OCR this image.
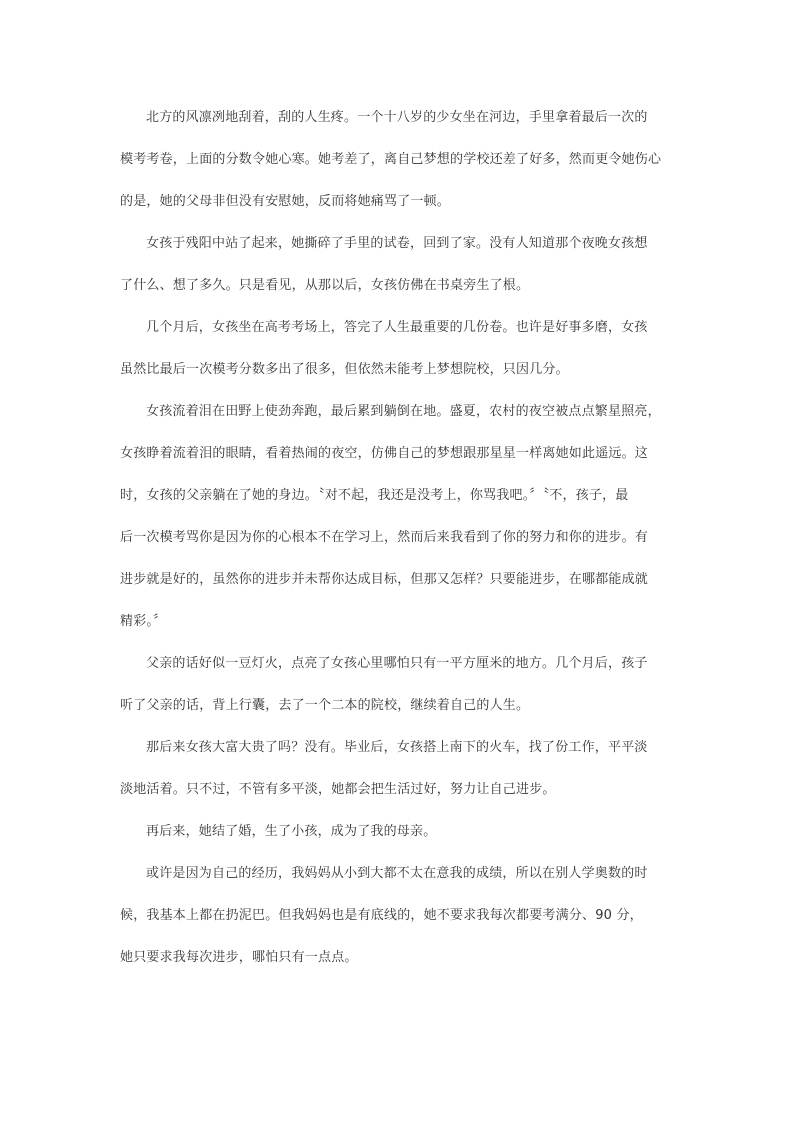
北方的风凛冽地刮着，刮的人生疼。一个十八岁的少女坐在河边，手里拿着最后一次的
模考考卷，上面的分数令她心寒。她考差了，离自己梦想的学校还差了好多，然而更令她伤心
的是，她的父母非但没有安慰她，反而将她痛骂了一顿。
女孩于残阳中站了起来，她撕碎了手里的试卷，回到了家。没有人知道那个夜晚女孩想
了什么、想了多久。只是看见，从那以后，女孩仿佛在书桌旁生了根。
几个月后，女孩坐在高考考场上，答完了人生最重要的几份卷。也许是好事多磨，女孩
虽然比最后一次模考分数多出了很多，但依然未能考上梦想院校，只因几分。
女孩流着泪在田野上使劲奔跑，最后累到躺倒在地。盛夏，农村的夜空被点点繁星照亮，
女孩睁着流着泪的眼睛，看着热闹的夜空，仿佛自己的梦想跟那星星一样离她如此遥远。这
时，女孩的父亲躺在了她的身边。〝对不起，我还是没考上，你骂我吧。〞〝不，孩子，最
后一次模考骂你是因为你的心根本不在学习上，然而后来我看到了你的努力和你的进步。有
进步就是好的，虽然你的进步并未帮你达成目标，但那又怎样？只要能进步，在哪都能成就
精彩。〞
父亲的话好似一豆灯火，点亮了女孩心里哪怕只有一平方厘米的地方。几个月后，孩子
听了父亲的话，背上行囊，去了一个二本的院校，继续着自己的人生。
那后来女孩大富大贵了吗？没有。毕业后，女孩搭上南下的火车，找了份工作，平平淡
淡地活着。只不过，不管有多平淡，她都会把生活过好，努力让自己进步。
再后来，她结了婚，生了小孩，成为了我的母亲。
或许是因为自己的经历，我妈妈从小到大都不太在意我的成绩，所以在别人学奥数的时
候，我基本上都在扔泥巴。但我妈妈也是有底线的，她不要求我每次都要考满分、90 分，
她只要求我每次进步，哪怕只有一点点。
